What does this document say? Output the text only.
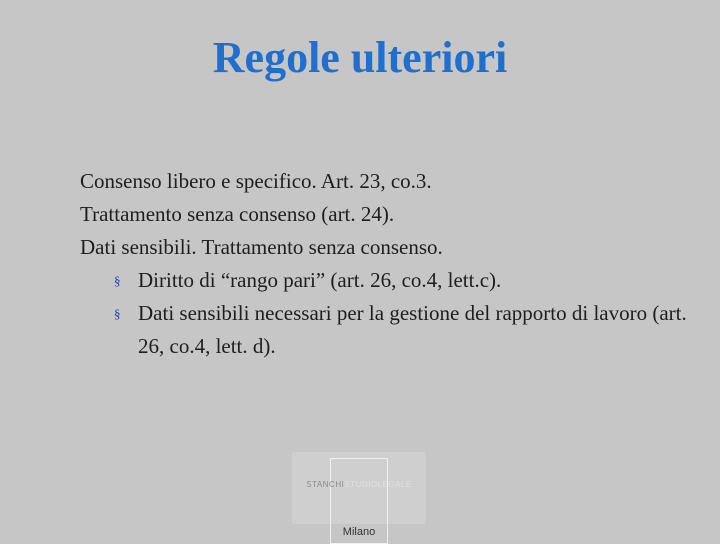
Regole ulteriori
Consenso libero e specifico. Art. 23, co.3.
Trattamento senza consenso (art. 24).
Dati sensibili. Trattamento senza consenso.
§ Diritto di “rango pari” (art. 26, co.4, lett.c).
§ Dati sensibili necessari per la gestione del rapporto di lavoro (art. 26, co.4, lett. d).
STANCHISTUDIOLEGALE
Milano
